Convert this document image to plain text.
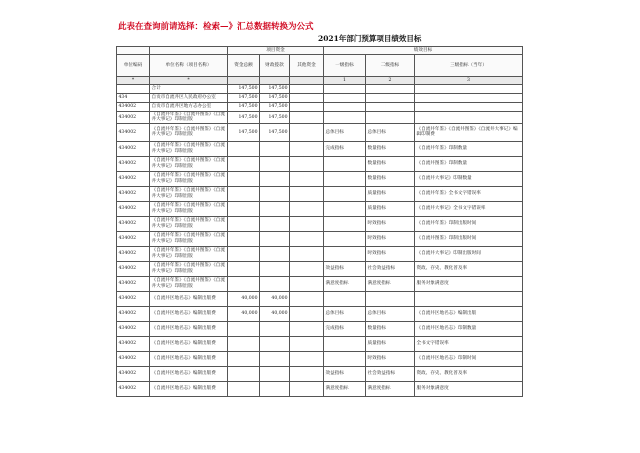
此表在查询前请选择：检索—》汇总数据转换为公式
2021年部门预算项目绩效目标
		项目资金			绩效目标		
单位编码	单位名称（项目名称）	资金总额	财政拨款	其他资金	一级指标	二级指标	三级指标（当年）
*	*				1	2	3
	合计	147,500	147,500				
434	自贡市自流井区人民政府办公室	147,500	147,500				
434002	自贡市自流井区地方志办公室	147,500	147,500				
434002	《自流井年鉴》《自流井图鉴》《自流井大事记》印制出版	147,500	147,500				
434002	《自流井年鉴》《自流井图鉴》《自流井大事记》印制出版	147,500	147,500		总体目标	总体目标	《自流井年鉴》《自流井图鉴》《自流井大事记》编辑印制费
434002	《自流井年鉴》《自流井图鉴》《自流井大事记》印制出版				完成指标	数量指标	《自流井年鉴》印制数量
434002	《自流井年鉴》《自流井图鉴》《自流井大事记》印制出版					数量指标	《自流井图鉴》印制数量
434002	《自流井年鉴》《自流井图鉴》《自流井大事记》印制出版					数量指标	《自流井大事记》印制数量
434002	《自流井年鉴》《自流井图鉴》《自流井大事记》印制出版					质量指标	《自流井年鉴》全书文字错误率
434002	《自流井年鉴》《自流井图鉴》《自流井大事记》印制出版					质量指标	《自流井大事记》全书文字错误率
434002	《自流井年鉴》《自流井图鉴》《自流井大事记》印制出版					时效指标	《自流井年鉴》印制出版时间
434002	《自流井年鉴》《自流井图鉴》《自流井大事记》印制出版					时效指标	《自流井图鉴》印制出版时间
434002	《自流井年鉴》《自流井图鉴》《自流井大事记》印制出版					时效指标	《自流井大事记》印制出版时间
434002	《自流井年鉴》《自流井图鉴》《自流井大事记》印制出版				效益指标	社会效益指标	资政、存史、教化普及率
434002	《自流井年鉴》《自流井图鉴》《自流井大事记》印制出版				满意度指标	满意度指标	服务对象满意度
434002	《自流井区地名志》编制出版费	40,000	40,000				
434002	《自流井区地名志》编制出版费	40,000	40,000		总体目标	总体目标	《自流井区地名志》编制出版
434002	《自流井区地名志》编制出版费				完成指标	数量指标	《自流井区地名志》印制数量
434002	《自流井区地名志》编制出版费					质量指标	全书文字错误率
434002	《自流井区地名志》编制出版费					时效指标	《自流井区地名志》印制时间
434002	《自流井区地名志》编制出版费				效益指标	社会效益指标	资政、存史、教化普及率
434002	《自流井区地名志》编制出版费				满意度指标	满意度指标	服务对象满意度
